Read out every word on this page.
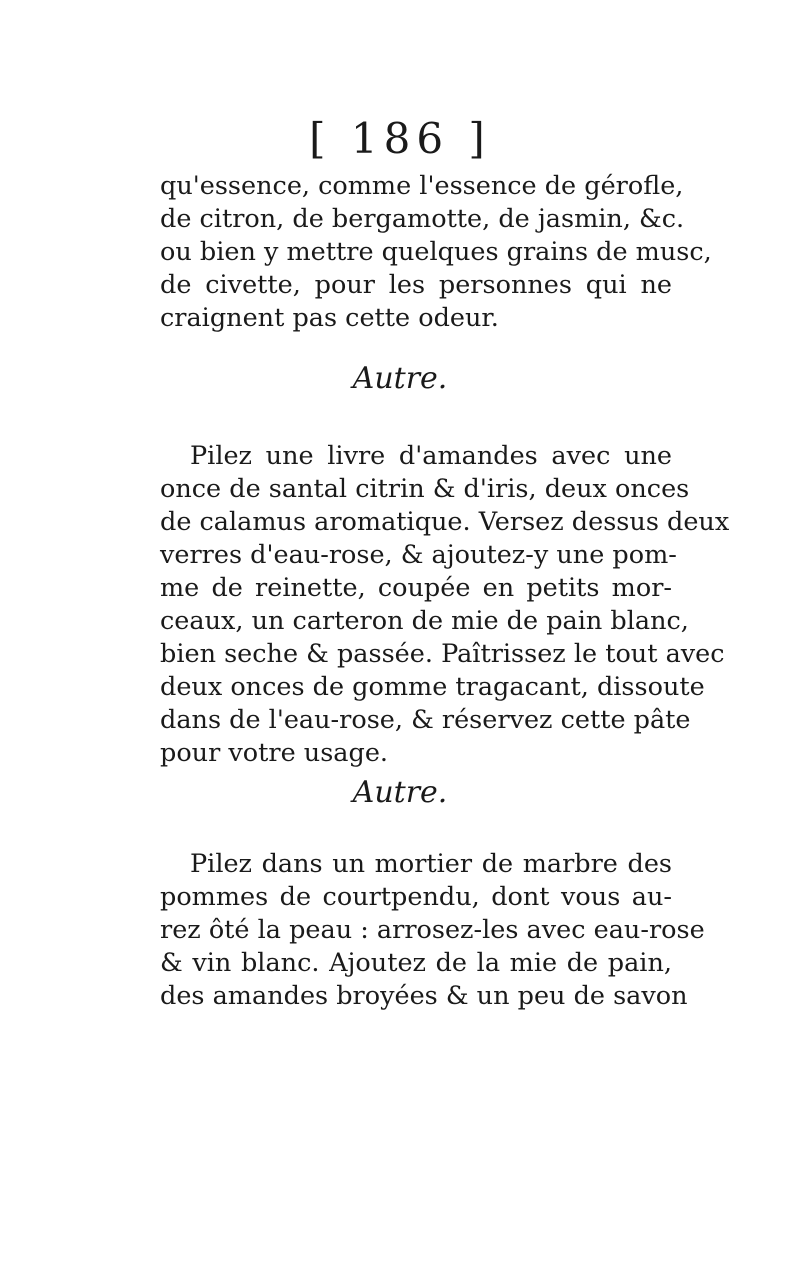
[ 186 ]
qu'essence, comme l'essence de gérofle,
de citron, de bergamotte, de jasmin, &c.
ou bien y mettre quelques grains de musc,
de civette, pour les personnes qui ne
craignent pas cette odeur.
Autre.
Pilez une livre d'amandes avec une
once de santal citrin & d'iris, deux onces
de calamus aromatique. Versez dessus deux
verres d'eau-rose, & ajoutez-y une pom-
me de reinette, coupée en petits mor-
ceaux, un carteron de mie de pain blanc,
bien seche & passée. Paîtrissez le tout avec
deux onces de gomme tragacant, dissoute
dans de l'eau-rose, & réservez cette pâte
pour votre usage.
Autre.
Pilez dans un mortier de marbre des
pommes de courtpendu, dont vous au-
rez ôté la peau : arrosez-les avec eau-rose
& vin blanc. Ajoutez de la mie de pain,
des amandes broyées & un peu de savon
